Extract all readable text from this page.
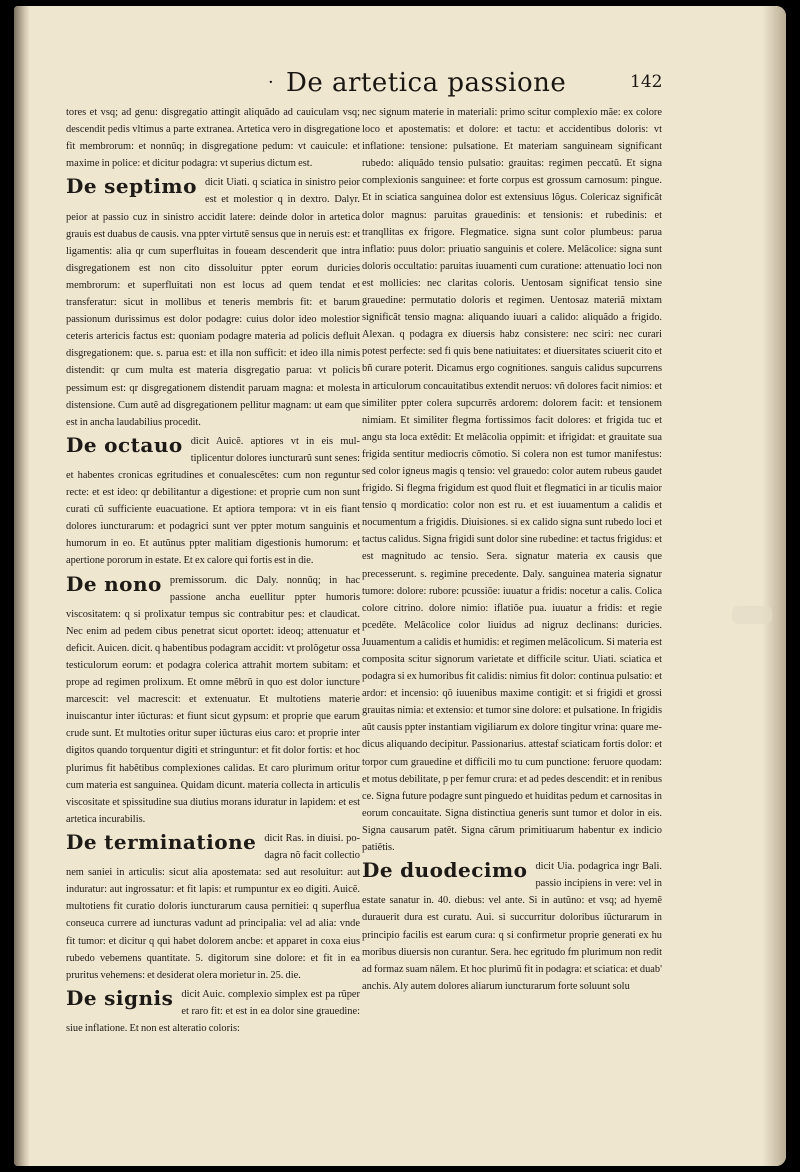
· De artetica passione	142

tores et vsq; ad genu: disgregatio attingit aliquãdo ad cauiculam vsq; descendit pedis vltimus a parte extranea. Artetica vero in disgregatione fit membrorum: et nonnũq; in disgregatione pedum: vt cauicule: et maxime in police: et dicitur podagra: vt superius dictum est.

De septimo dicit Uiati. q sciatica in sinistro peior est et molestior q in dextro. Dalyr. peior at passio cuz in sinistro accidit latere: deinde dolor in artetica grauis est duabus de causis. vna ppter virtutẽ sensus que in neruis est: et ligamentis: alia qr cum superfluitas in foueam descenderit que intra disgregationem est non cito dissoluitur ppter eorum duricies membrorum: et superfluitati non est locus ad quem tendat et transferatur: sicut in mollibus et teneris membris fit: et barum passionum durissimus est dolor podagre: cuius dolor ideo molestior ceteris artericis factus est: quoniam podagre materia ad policis defluit disgregationem: que. s. parua est: et illa non sufficit: et ideo illa nimis distendit: qr cum multa est materia disgregatio parua: vt policis pessimum est: qr disgregationem distendit paruam magna: et molesta distensione. Cum autẽ ad disgregationem pellitur magnam: ut eam que est in ancha laudabilius procedit.
De octauo dicit Auicẽ. aptiores vt in eis multiplicentur dolores iuncturarũ sunt senes: et habentes cronicas egritudines et conualescẽtes: cum non reguntur recte: et est ideo: qr debilitantur a digestione: et proprie cum non sunt curati cũ sufficiente euacuatione. Et aptiora tempora: vt in eis fiant dolores iuncturarum: et podagrici sunt ver ppter motum sanguinis et humorum in eo. Et autũnus ppter malitiam digestionis humorum: et apertione pororum in estate. Et ex calore qui fortis est in die.
De nono premissorum. dic Daly. nonnũq; in hac passione ancha euellitur ppter humoris viscositatem: q si prolixatur tempus sic contrabitur pes: et claudicat. Nec enim ad pedem cibus penetrat sicut oportet: ideoq; attenuatur et deficit. Auicen. dicit. q habentibus podagram accidit: vt prolõgetur ossa testiculorum eorum: et podagra colerica attrahit mortem subitam: et prope ad regimen prolixum. Et omne mẽbrũ in quo est dolor iuncture marcescit: vel macrescit: et extenuatur. Et multotiens materie inuiscantur inter iũcturas: et fiunt sicut gypsum: et proprie que earum crude sunt. Et multoties oritur super iũcturas eius caro: et proprie inter digitos quando torquentur digiti et stringuntur: et fit dolor fortis: et hoc plurimus fit habẽtibus complexiones calidas. Et caro plurimum oritur cum materia est sanguinea. Quidam dicunt. materia collecta in articulis viscositate et spissitudine sua diutius morans iduratur in lapidem: et est artetica incurabilis.
De terminatione dicit Ras. in diuisi. podagra nõ facit collectio nem saniei in articulis: sicut alia apostemata: sed aut resoluitur: aut induratur: aut ingrossatur: et fit lapis: et rumpuntur ex eo digiti. Auicẽ. multotiens fit curatio doloris iuncturarum causa pernitiei: q superflua conseuca currere ad iuncturas vadunt ad principalia: vel ad alia: vnde fit tumor: et dicitur q qui habet dolorem ancbe: et apparet in coxa eius rubedo vebemens quantitate. 5. digitorum sine dolore: et fit in ea pruritus vehemens: et desiderat olera morietur in. 25. die.
De signis dicit Auic. complexio simplex est pa rũper et raro fit: et est in ea dolor sine grauedine: siue inflatione. Et non est alteratio coloris:

nec signum materie in materiali: primo scitur complexio mãe: ex colore loco et apostematis: et dolore: et tactu: et accidentibus doloris: vt inflatione: tensione: pulsatione. Et materiam sanguineam significant rubedo: aliquãdo tensio pulsatio: grauitas: regimen peccatũ. Et signa complexionis sanguinee: et forte corpus est grossum carnosum: pingue. Et in sciatica sanguinea dolor est extensiuus lõgus. Colericaz significãt dolor magnus: paruitas grauedinis: et tensionis: et rubedinis: et tranqllitas ex frigore. Flegmatice. signa sunt color plumbeus: parua inflatio: puus dolor: priuatio sanguinis et colere. Melãcolice: signa sunt doloris occultatio: paruitas iuuamenti cum curatione: attenuatio loci non est mollicies: nec claritas coloris. Uentosam significat tensio sine grauedine: permutatio doloris et regimen. Uentosaz materiã mixtam significãt tensio magna: aliquando iuuari a calido: aliquãdo a frigido. Alexan. q podagra ex diuersis habz consistere: nec sciri: nec curari potest perfecte: sed fi quis bene natiuitates: et diuersitates sciuerit cito et bñ curare poterit. Dicamus ergo cognitiones. sanguis calidus supcurrens in articulorum concauitatibus extendit neruos: vñ dolores facit nimios: et similiter ppter colera supcurrẽs ardorem: dolorem facit: et tensionem nimiam. Et similiter flegma fortissimos facit dolores: et frigida tuc et angu sta loca extẽdit: Et melãcolia oppimit: et ifrigidat: et grauitate sua frigida sentitur mediocris cõmotio. Si colera non est tumor manifestus: sed color igneus magis q tensio: vel grauedo: color autem rubeus gaudet frigido. Si flegma frigidum est quod fluit et flegmatici in ar ticulis maior tensio q mordicatio: color non est ru. et est iuuamentum a calidis et nocumentum a frigidis. Diuisiones. si ex calido signa sunt rubedo loci et tactus calidus. Signa frigidi sunt dolor sine rubedine: et tactus frigidus: et est magnitudo ac tensio. Sera. signatur materia ex causis que precesserunt. s. regimine precedente. Daly. sanguinea materia signatur tumore: dolore: rubore: pcussiõe: iuuatur a fridis: nocetur a calis. Colica colore citrino. dolore nimio: iflatiõe pua. iuuatur a fridis: et regie pcedẽte. Melãcolice color liuidus ad nigruz declinans: duricies. Juuamentum a calidis et humidis: et regimen melãcolicum. Si materia est composita scitur signorum varietate et difficile scitur. Uiati. sciatica et podagra si ex humoribus fit calidis: nimius fit dolor: continua pulsatio: et ardor: et incensio: qõ iuuenibus maxime contigit: et si frigidi et grossi grauitas nimia: et extensio: et tumor sine dolore: et pulsatione. In frigidis aũt causis ppter instantiam vigiliarum ex dolore tingitur vrina: quare medicus aliquando decipitur. Passionarius. attestaf sciaticam fortis dolor: et torpor cum grauedine et difficili mo tu cum punctione: feruore quodam: et motus debilitate, p per femur crura: et ad pedes descendit: et in renibus ce. Signa future podagre sunt pinguedo et huiditas pedum et carnositas in eorum concauitate. Signa distinctiua generis sunt tumor et dolor in eis. Signa causarum patẽt. Signa cãrum primitiuarum habentur ex indicio patiẽtis.

De duodecimo dicit Uia. podagrica ingr Bali. passio incipiens in vere: vel in estate sanatur in. 40. diebus: vel ante. Si in autũno: et vsq; ad hyemẽ durauerit dura est curatu. Aui. si succurritur doloribus iũcturarum in principio facilis est earum cura: q si confirmetur proprie generati ex hu moribus diuersis non curantur. Sera. hec egritudo fm plurimum non redit ad formaz suam nãlem. Et hoc plurimũ fit in podagra: et sciatica: et duab' anchis. Aly autem dolores aliarum iuncturarum forte soluunt solu
